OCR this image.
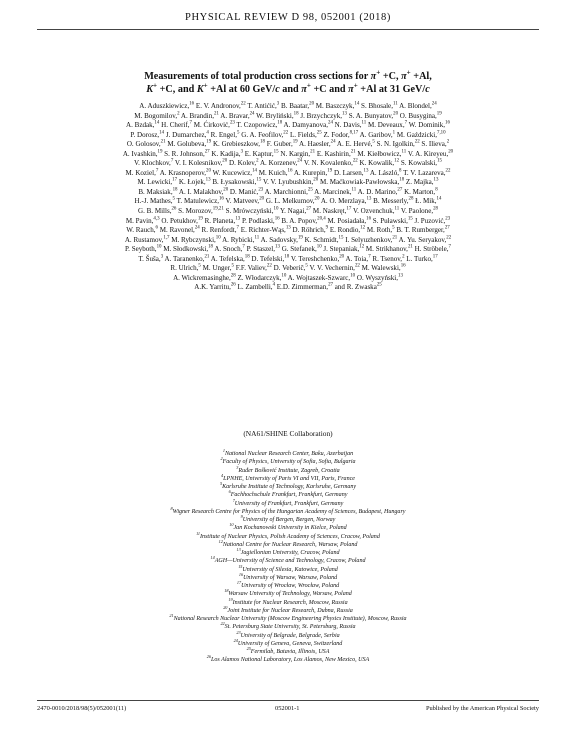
PHYSICAL REVIEW D 98, 052001 (2018)
Measurements of total production cross sections for π+ +C, π+ +Al,
K+ +C, and K+ +Al at 60 GeV/c and π+ +C and π+ +Al at 31 GeV/c
A. Aduszkiewicz,$^{16}$ E. V. Andronov,$^{22}$ T. Antićić,$^3$ B. Baatar,$^{20}$ M. Baszczyk,$^{14}$ S. Bhosale,$^{11}$ A. Blondel,$^{24}$
M. Bogomilov,$^2$ A. Brandin,$^{21}$ A. Bravar,$^{24}$ W. Bryliński,$^{18}$ J. Brzychczyk,$^{13}$ S. A. Bunyatov,$^{20}$ O. Busygina,$^{19}$
A. Bzdak,$^{14}$ H. Cherif,$^7$ M. Ćirković,$^{23}$ T. Czopowicz,$^{18}$ A. Damyanova,$^{24}$ N. Davis,$^{11}$ M. Deveaux,$^7$ W. Dominik,$^{16}$
P. Dorosz,$^{14}$ J. Dumarchez,$^4$ R. Engel,$^5$ G. A. Feofilov,$^{22}$ L. Fields,$^{25}$ Z. Fodor,$^{8,17}$ A. Garibov,$^1$ M. Gaździcki,$^{7,10}$
O. Golosov,$^{21}$ M. Golubeva,$^{19}$ K. Grebieszkow,$^{18}$ F. Guber,$^{19}$ A. Haesler,$^{24}$ A. E. Hervé,$^5$ S. N. Igolkin,$^{22}$ S. Ilieva,$^2$
A. Ivashkin,$^{19}$ S. R. Johnson,$^{27}$ K. Kadija,$^3$ E. Kaptur,$^{15}$ N. Kargin,$^{21}$ E. Kashirin,$^{21}$ M. Kiełbowicz,$^{11}$ V. A. Kireyeu,$^{20}$
V. Klochkov,$^7$ V. I. Kolesnikov,$^{20}$ D. Kolev,$^2$ A. Korzenev,$^{24}$ V. N. Kovalenko,$^{22}$ K. Kowalik,$^{12}$ S. Kowalski,$^{15}$
M. Koziel,$^7$ A. Krasnoperov,$^{20}$ W. Kucewicz,$^{14}$ M. Kuich,$^{16}$ A. Kurepin,$^{19}$ D. Larsen,$^{13}$ A. László,$^8$ T. V. Lazareva,$^{22}$
M. Lewicki,$^{17}$ K. Łojek,$^{13}$ B. Łysakowski,$^{15}$ V. V. Lyubushkin,$^{20}$ M. Maćkowiak-Pawłowska,$^{18}$ Z. Majka,$^{13}$
B. Maksiak,$^{18}$ A. I. Malakhov,$^{20}$ D. Manić,$^{23}$ A. Marchionni,$^{25}$ A. Marcinek,$^{11}$ A. D. Marino,$^{27}$ K. Marton,$^8$
H.-J. Mathes,$^5$ T. Matulewicz,$^{16}$ V. Matveev,$^{20}$ G. L. Melkumov,$^{20}$ A. O. Merzlaya,$^{13}$ B. Messerly,$^{28}$ Ł. Mik,$^{14}$
G. B. Mills,$^{26}$ S. Morozov,$^{19,21}$ S. Mrówczyński,$^{10}$ Y. Nagai,$^{27}$ M. Naskręt,$^{17}$ V. Ozvenchuk,$^{11}$ V. Paolone,$^{28}$
M. Pavin,$^{4,3}$ O. Petukhov,$^{19}$ R. Płaneta,$^{13}$ P. Podlaski,$^{16}$ B. A. Popov,$^{20,4}$ M. Posiadała,$^{16}$ S. Puławski,$^{15}$ J. Puzović,$^{23}$
W. Rauch,$^6$ M. Ravonel,$^{24}$ R. Renfordt,$^7$ E. Richter-Wąs,$^{13}$ D. Röhrich,$^9$ E. Rondio,$^{12}$ M. Roth,$^5$ B. T. Rumberger,$^{27}$
A. Rustamov,$^{1,7}$ M. Rybczynski,$^{10}$ A. Rybicki,$^{11}$ A. Sadovsky,$^{19}$ K. Schmidt,$^{15}$ I. Selyuzhenkov,$^{21}$ A. Yu. Seryakov,$^{22}$
P. Seyboth,$^{10}$ M. Słodkowski,$^{18}$ A. Snoch,$^7$ P. Staszel,$^{13}$ G. Stefanek,$^{10}$ J. Stepaniak,$^{12}$ M. Strikhanov,$^{21}$ H. Ströbele,$^7$
T. Šuša,$^3$ A. Taranenko,$^{21}$ A. Tefelska,$^{18}$ D. Tefelski,$^{18}$ V. Tereshchenko,$^{20}$ A. Toia,$^7$ R. Tsenov,$^2$ L. Turko,$^{17}$
R. Ulrich,$^5$ M. Unger,$^5$ F.F. Valiev,$^{22}$ D. Veberič,$^5$ V. V. Vechernin,$^{22}$ M. Walewski,$^{16}$
A. Wickremasinghe,$^{28}$ Z. Włodarczyk,$^{10}$ A. Wojtaszek-Szwarc,$^{10}$ O. Wyszyński,$^{13}$
A.K. Yarritu,$^{26}$ L. Zambelli,$^4$ E.D. Zimmerman,$^{27}$ and R. Zwaska$^{25}$
(NA61/SHINE Collaboration)
$^1$National Nuclear Research Center, Baku, Azerbaijan
$^2$Faculty of Physics, University of Sofia, Sofia, Bulgaria
$^3$Ruđer Bošković Institute, Zagreb, Croatia
$^4$LPNHE, University of Paris VI and VII, Paris, France
$^5$Karlsruhe Institute of Technology, Karlsruhe, Germany
$^6$Fachhochschule Frankfurt, Frankfurt, Germany
$^7$University of Frankfurt, Frankfurt, Germany
$^8$Wigner Research Centre for Physics of the Hungarian Academy of Sciences, Budapest, Hungary
$^9$University of Bergen, Bergen, Norway
$^{10}$Jan Kochanowski University in Kielce, Poland
$^{11}$Institute of Nuclear Physics, Polish Academy of Sciences, Cracow, Poland
$^{12}$National Centre for Nuclear Research, Warsaw, Poland
$^{13}$Jagiellonian University, Cracow, Poland
$^{14}$AGH—University of Science and Technology, Cracow, Poland
$^{15}$University of Silesia, Katowice, Poland
$^{16}$University of Warsaw, Warsaw, Poland
$^{17}$University of Wrocław, Wrocław, Poland
$^{18}$Warsaw University of Technology, Warsaw, Poland
$^{19}$Institute for Nuclear Research, Moscow, Russia
$^{20}$Joint Institute for Nuclear Research, Dubna, Russia
$^{21}$National Research Nuclear University (Moscow Engineering Physics Institute), Moscow, Russia
$^{22}$St. Petersburg State University, St. Petersburg, Russia
$^{23}$University of Belgrade, Belgrade, Serbia
$^{24}$University of Geneva, Geneva, Switzerland
$^{25}$Fermilab, Batavia, Illinois, USA
$^{26}$Los Alamos National Laboratory, Los Alamos, New Mexico, USA
2470-0010/2018/98(5)/052001(11)	052001-1	Published by the American Physical Society
